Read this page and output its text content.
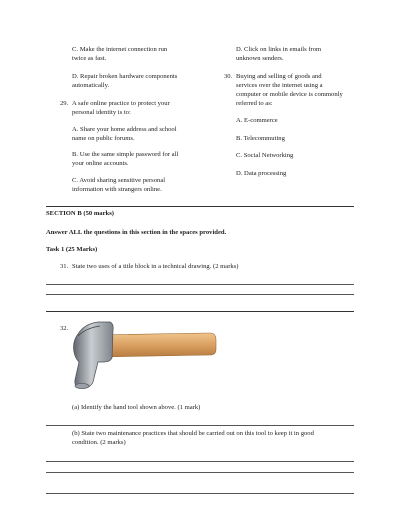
C. Make the internet connection run
twice as fast.
D. Repair broken hardware components
automatically.
29. A safe online practice to protect your
personal identity is to:
A. Share your home address and school
name on public forums.
B. Use the same simple password for all
your online accounts.
C. Avoid sharing sensitive personal
information with strangers online.
D. Click on links in emails from
unknown senders.
30. Buying and selling of goods and
services over the internet using a
computer or mobile device is commonly
referred to as:
A. E-commerce
B. Telecommuting
C. Social Networking
D. Data processing
SECTION B (50 marks)
Answer ALL the questions in this section in the spaces provided.
Task 1 (25 Marks)
31. State two uses of a title block in a technical drawing. (2 marks)
32.
(a) Identify the hand tool shown above. (1 mark)
(b) State two maintenance practices that should be carried out on this tool to keep it in good
condition. (2 marks)
